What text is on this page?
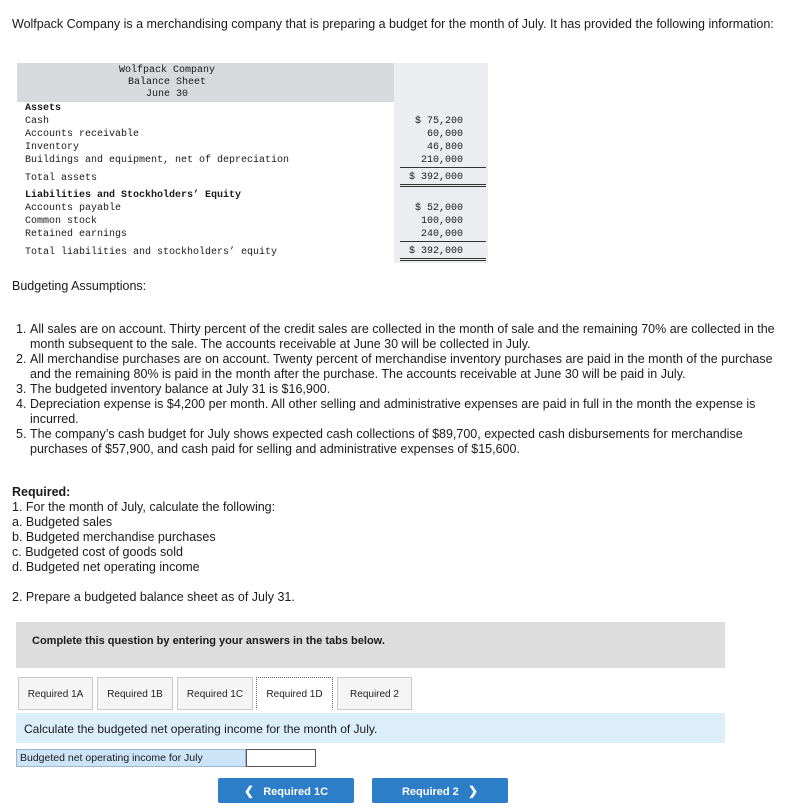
Wolfpack Company is a merchandising company that is preparing a budget for the month of July. It has provided the following information:
Wolfpack Company
Balance Sheet
June 30
Assets
Cash	$ 75,200
Accounts receivable	60,000
Inventory	46,800
Buildings and equipment, net of depreciation	210,000
Total assets	$ 392,000
Liabilities and Stockholders’ Equity
Accounts payable	$ 52,000
Common stock	100,000
Retained earnings	240,000
Total liabilities and stockholders’ equity	$ 392,000
Budgeting Assumptions:
1. All sales are on account. Thirty percent of the credit sales are collected in the month of sale and the remaining 70% are collected in the month subsequent to the sale. The accounts receivable at June 30 will be collected in July.
2. All merchandise purchases are on account. Twenty percent of merchandise inventory purchases are paid in the month of the purchase and the remaining 80% is paid in the month after the purchase. The accounts receivable at June 30 will be paid in July.
3. The budgeted inventory balance at July 31 is $16,900.
4. Depreciation expense is $4,200 per month. All other selling and administrative expenses are paid in full in the month the expense is incurred.
5. The company’s cash budget for July shows expected cash collections of $89,700, expected cash disbursements for merchandise purchases of $57,900, and cash paid for selling and administrative expenses of $15,600.
Required:
1. For the month of July, calculate the following:
a. Budgeted sales
b. Budgeted merchandise purchases
c. Budgeted cost of goods sold
d. Budgeted net operating income
2. Prepare a budgeted balance sheet as of July 31.
Complete this question by entering your answers in the tabs below.
Required 1A	Required 1B	Required 1C	Required 1D	Required 2
Calculate the budgeted net operating income for the month of July.
Budgeted net operating income for July
❮ Required 1C	Required 2 ❯
